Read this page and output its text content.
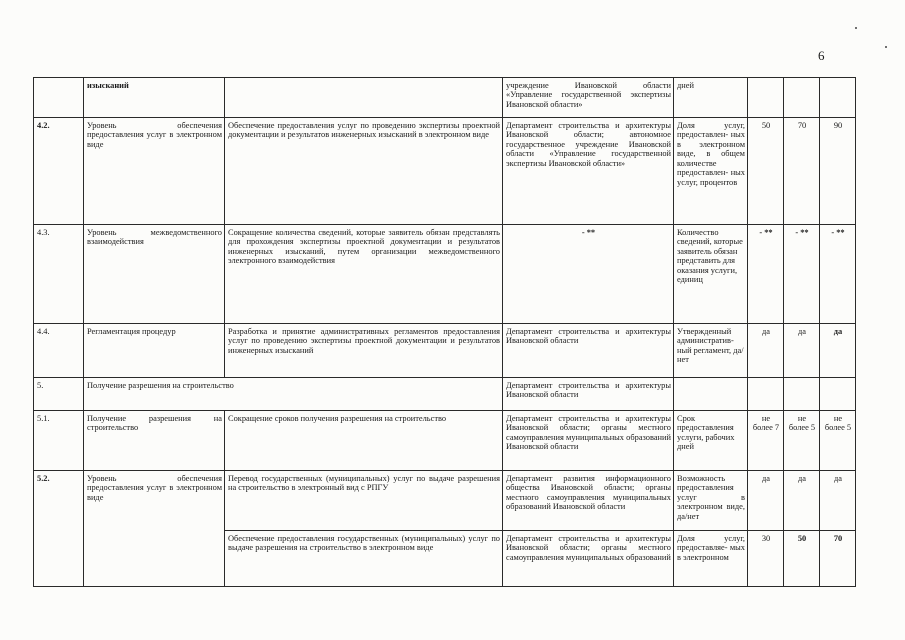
6
	изысканий		учреждение Ивановской области «Управление государственной экспертизы Ивановской области»	дней			
4.2.	Уровень обеспечения предоставления услуг в электронном виде	Обеспечение предоставления услуг по проведению экспертизы проектной документации и результатов инженерных изысканий в электронном виде	Департамент строительства и архитектуры Ивановской области; автономное государственное учреждение Ивановской области «Управление государственной экспертизы Ивановской области»	Доля услуг, предоставлен- ных в электронном виде, в общем количестве предоставлен- ных услуг, процентов	50	70	90
4.3.	Уровень межведомственного взаимодействия	Сокращение количества сведений, которые заявитель обязан представлять для прохождения экспертизы проектной документации и результатов инженерных изысканий, путем организации межведомственного электронного взаимодействия	- **	Количество сведений, которые заявитель обязан представить для оказания услуги, единиц	- **	- **	- **
4.4.	Регламентация процедур	Разработка и принятие административных регламентов предоставления услуг по проведению экспертизы проектной документации и результатов инженерных изысканий	Департамент строительства и архитектуры Ивановской области	Утвержденный административ- ный регламент, да/нет	да	да	да
5.	Получение разрешения на строительство		Департамент строительства и архитектуры Ивановской области				
5.1.	Получение разрешения на строительство	Сокращение сроков получения разрешения на строительство	Департамент строительства и архитектуры Ивановской области; органы местного самоуправления муниципальных образований Ивановской области	Срок предоставления услуги, рабочих дней	не более 7	не более 5	не более 5
5.2.	Уровень обеспечения предоставления услуг в электронном виде	Перевод государственных (муниципальных) услуг по выдаче разрешения на строительство в электронный вид с РПГУ	Департамент развития информационного общества Ивановской области; органы местного самоуправления муниципальных образований Ивановской области	Возможность предоставления услуг в электронном виде, да/нет	да	да	да
		Обеспечение предоставления государственных (муниципальных) услуг по выдаче разрешения на строительство в электронном виде	Департамент строительства и архитектуры Ивановской области; органы местного самоуправления муниципальных образований	Доля услуг, предоставляе- мых в электронном	30	50	70
